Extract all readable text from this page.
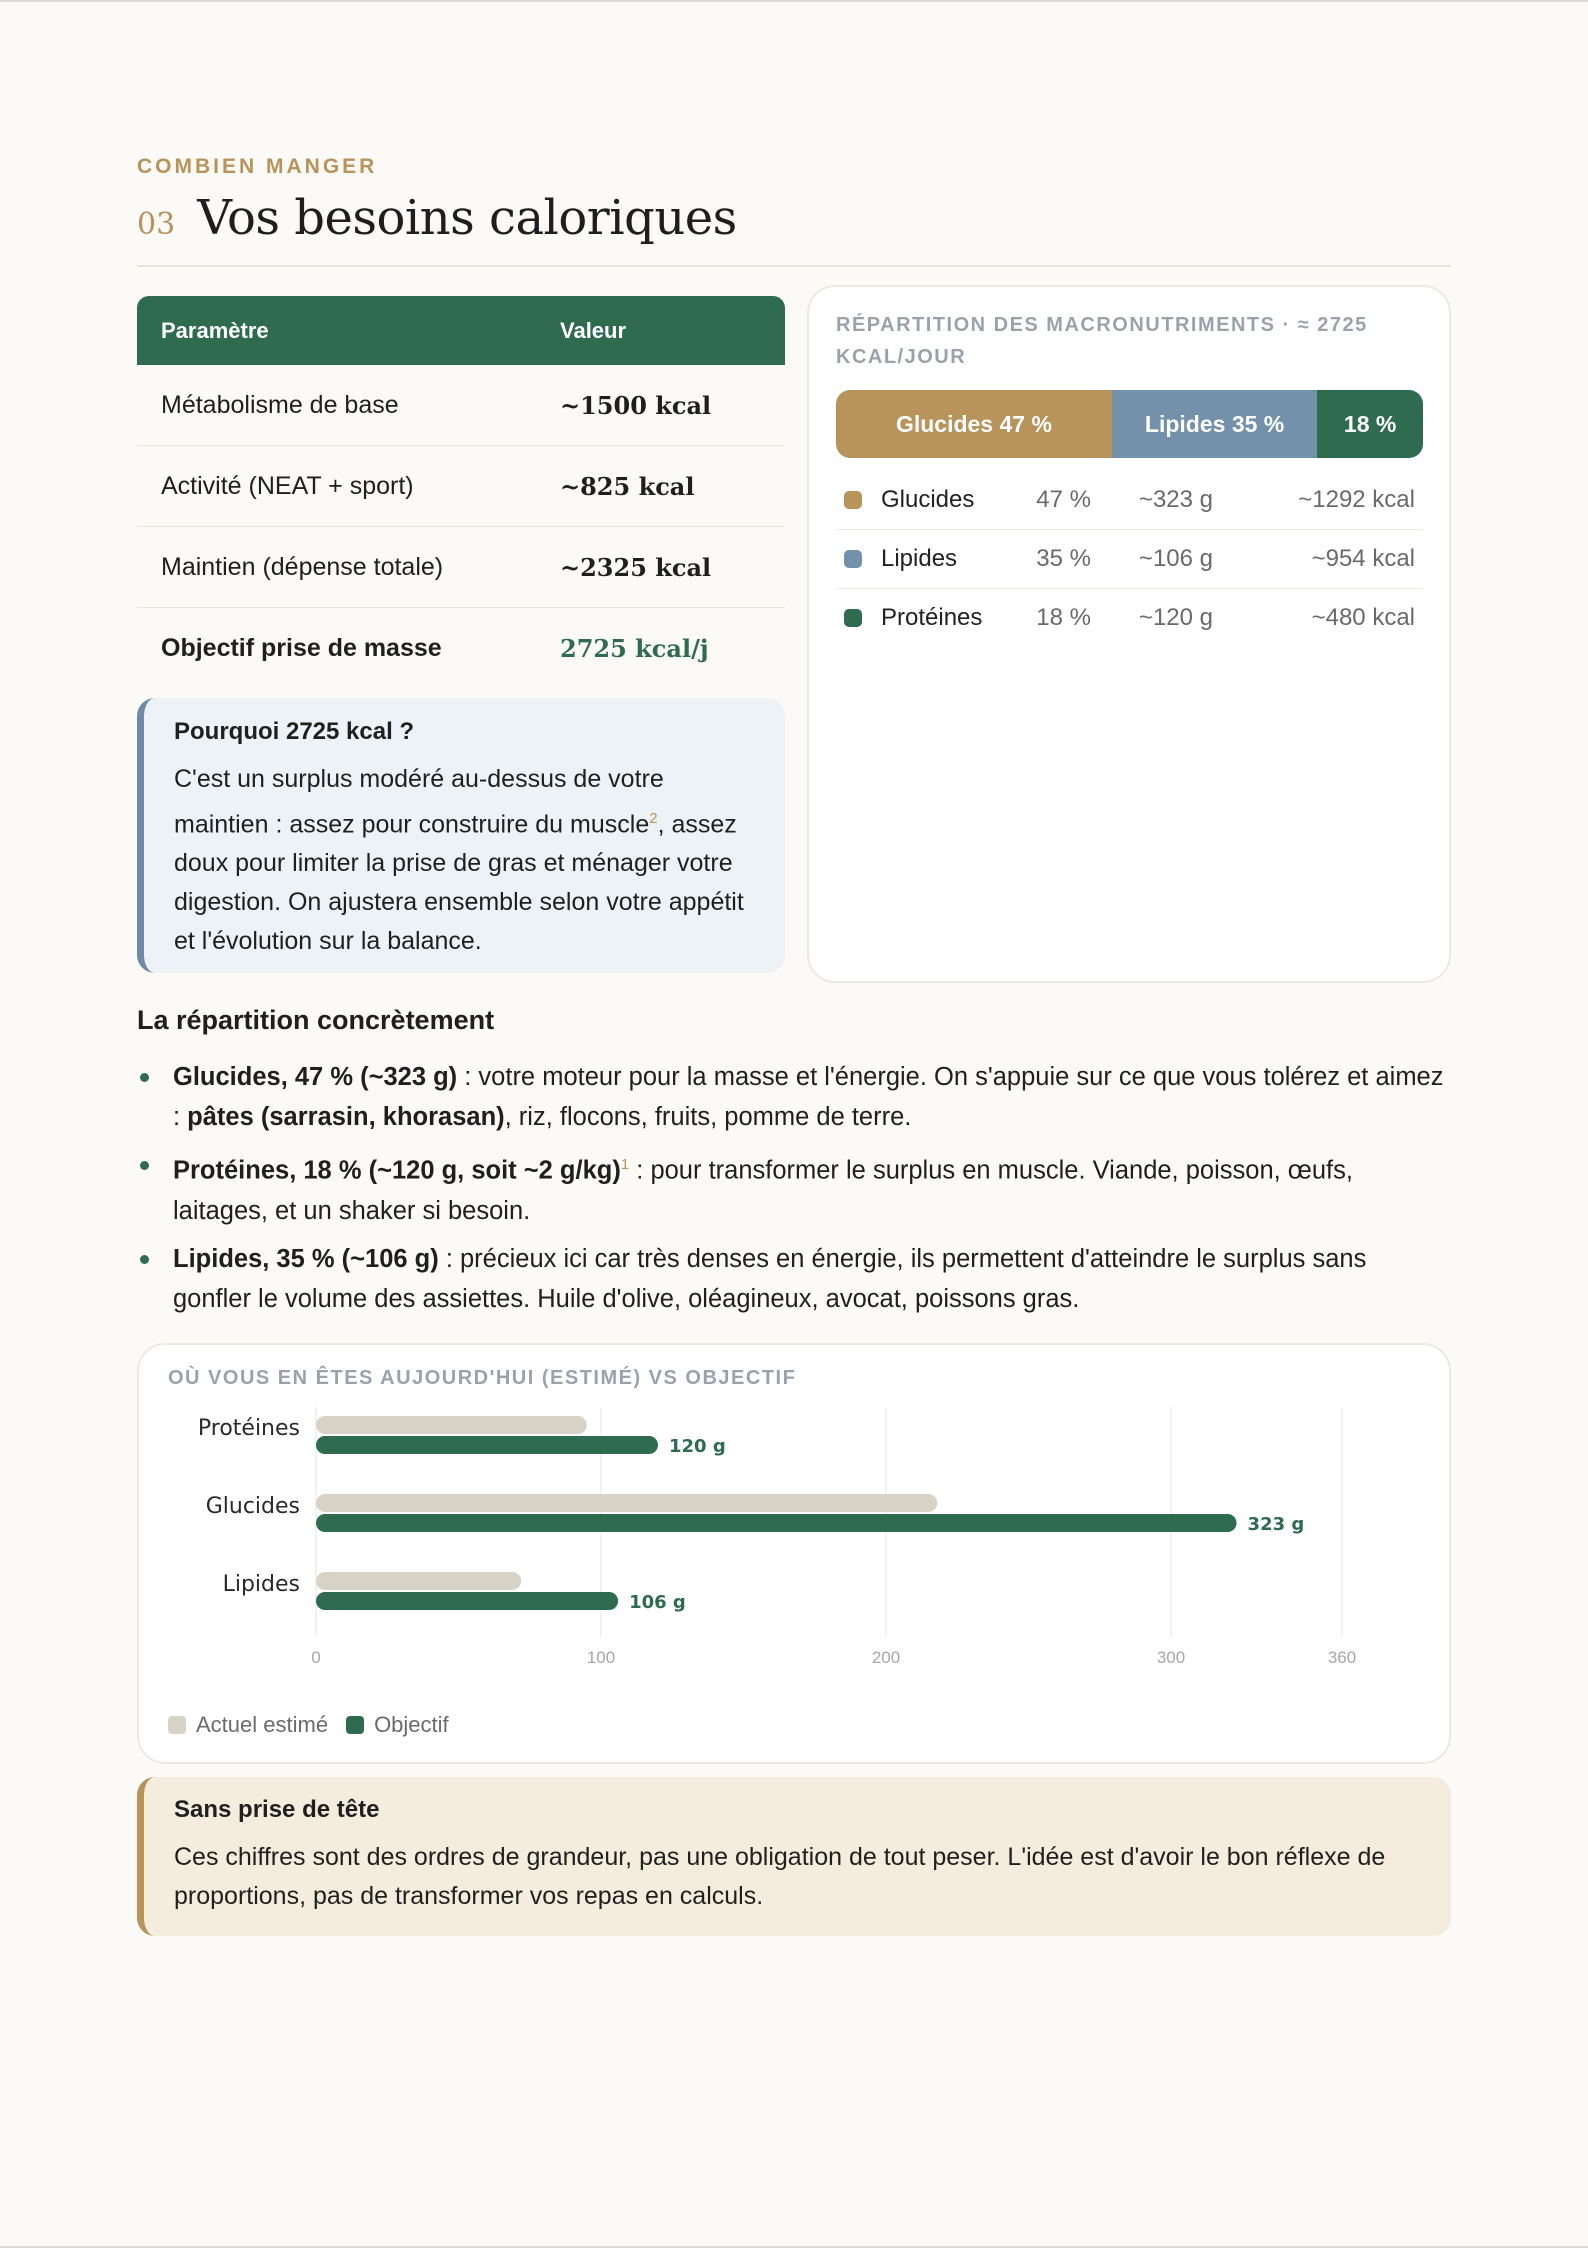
COMBIEN MANGER
03 Vos besoins caloriques
Paramètre	Valeur
Métabolisme de base	~1500 kcal
Activité (NEAT + sport)	~825 kcal
Maintien (dépense totale)	~2325 kcal
Objectif prise de masse	2725 kcal/j
Pourquoi 2725 kcal ?
C'est un surplus modéré au-dessus de votre maintien : assez pour construire du muscle$^2$, assez doux pour limiter la prise de gras et ménager votre digestion. On ajustera ensemble selon votre appétit et l'évolution sur la balance.
RÉPARTITION DES MACRONUTRIMENTS · ≈ 2725 KCAL/JOUR
Glucides 47 %	Lipides 35 %	18 %
Glucides	47 %	~323 g	~1292 kcal
Lipides	35 %	~106 g	~954 kcal
Protéines	18 %	~120 g	~480 kcal
La répartition concrètement
Glucides, 47 % (~323 g) : votre moteur pour la masse et l'énergie. On s'appuie sur ce que vous tolérez et aimez : pâtes (sarrasin, khorasan), riz, flocons, fruits, pomme de terre.
Protéines, 18 % (~120 g, soit ~2 g/kg)$^1$ : pour transformer le surplus en muscle. Viande, poisson, œufs, laitages, et un shaker si besoin.
Lipides, 35 % (~106 g) : précieux ici car très denses en énergie, ils permettent d'atteindre le surplus sans gonfler le volume des assiettes. Huile d'olive, oléagineux, avocat, poissons gras.
OÙ VOUS EN ÊTES AUJOURD'HUI (ESTIMÉ) VS OBJECTIF
0	100	200	300	360
Protéines
120 g
Glucides
323 g
Lipides
106 g
Actuel estimé Objectif
Sans prise de tête
Ces chiffres sont des ordres de grandeur, pas une obligation de tout peser. L'idée est d'avoir le bon réflexe de proportions, pas de transformer vos repas en calculs.
